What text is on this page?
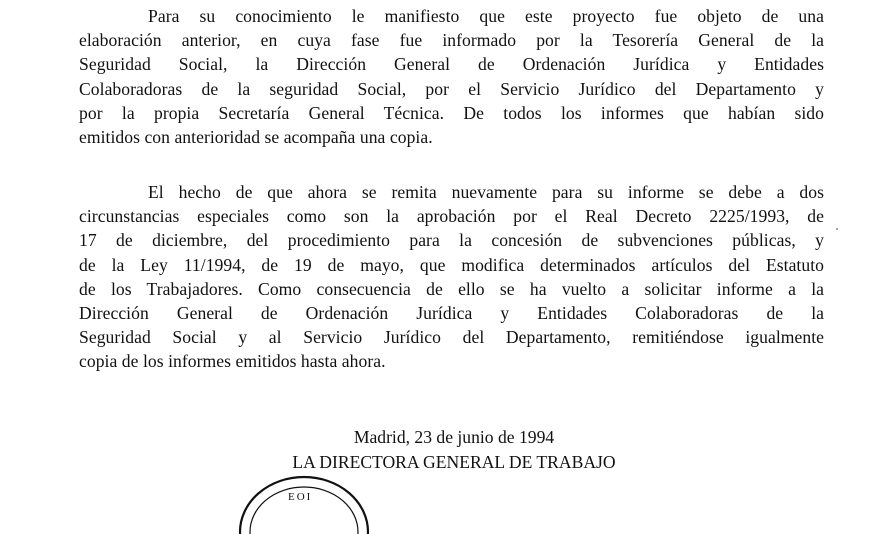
Para su conocimiento le manifiesto que este proyecto fue objeto de una
elaboración anterior, en cuya fase fue informado por la Tesorería General de la
Seguridad Social, la Dirección General de Ordenación Jurídica y Entidades
Colaboradoras de la seguridad Social, por el Servicio Jurídico del Departamento y
por la propia Secretaría General Técnica. De todos los informes que habían sido
emitidos con anterioridad se acompaña una copia.
El hecho de que ahora se remita nuevamente para su informe se debe a dos
circunstancias especiales como son la aprobación por el Real Decreto 2225/1993, de
17 de diciembre, del procedimiento para la concesión de subvenciones públicas, y
de la Ley 11/1994, de 19 de mayo, que modifica determinados artículos del Estatuto
de los Trabajadores. Como consecuencia de ello se ha vuelto a solicitar informe a la
Dirección General de Ordenación Jurídica y Entidades Colaboradoras de la
Seguridad Social y al Servicio Jurídico del Departamento, remitiéndose igualmente
copia de los informes emitidos hasta ahora.
Madrid, 23 de junio de 1994
LA DIRECTORA GENERAL DE TRABAJO
EOI
